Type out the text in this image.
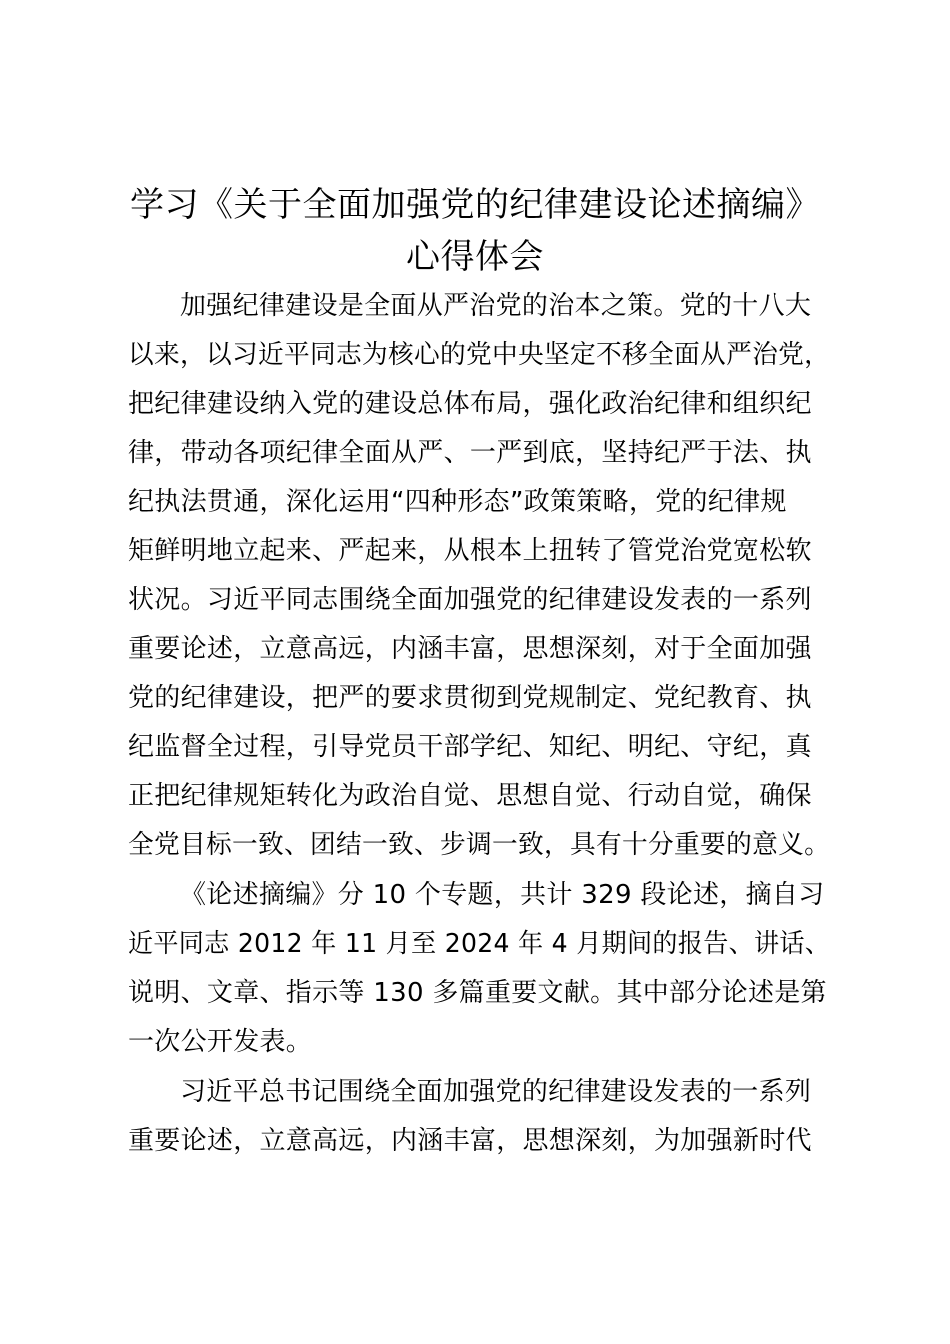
学习《关于全面加强党的纪律建设论述摘编》
心得体会
加强纪律建设是全面从严治党的治本之策。党的十八大
以来，以习近平同志为核心的党中央坚定不移全面从严治党，
把纪律建设纳入党的建设总体布局，强化政治纪律和组织纪
律，带动各项纪律全面从严、一严到底，坚持纪严于法、执
纪执法贯通，深化运用“四种形态”政策策略，党的纪律规
矩鲜明地立起来、严起来，从根本上扭转了管党治党宽松软
状况。习近平同志围绕全面加强党的纪律建设发表的一系列
重要论述，立意高远，内涵丰富，思想深刻，对于全面加强
党的纪律建设，把严的要求贯彻到党规制定、党纪教育、执
纪监督全过程，引导党员干部学纪、知纪、明纪、守纪，真
正把纪律规矩转化为政治自觉、思想自觉、行动自觉，确保
全党目标一致、团结一致、步调一致，具有十分重要的意义。
《论述摘编》分 10 个专题，共计 329 段论述，摘自习
近平同志 2012 年 11 月至 2024 年 4 月期间的报告、讲话、
说明、文章、指示等 130 多篇重要文献。其中部分论述是第
一次公开发表。
习近平总书记围绕全面加强党的纪律建设发表的一系列
重要论述，立意高远，内涵丰富，思想深刻，为加强新时代
